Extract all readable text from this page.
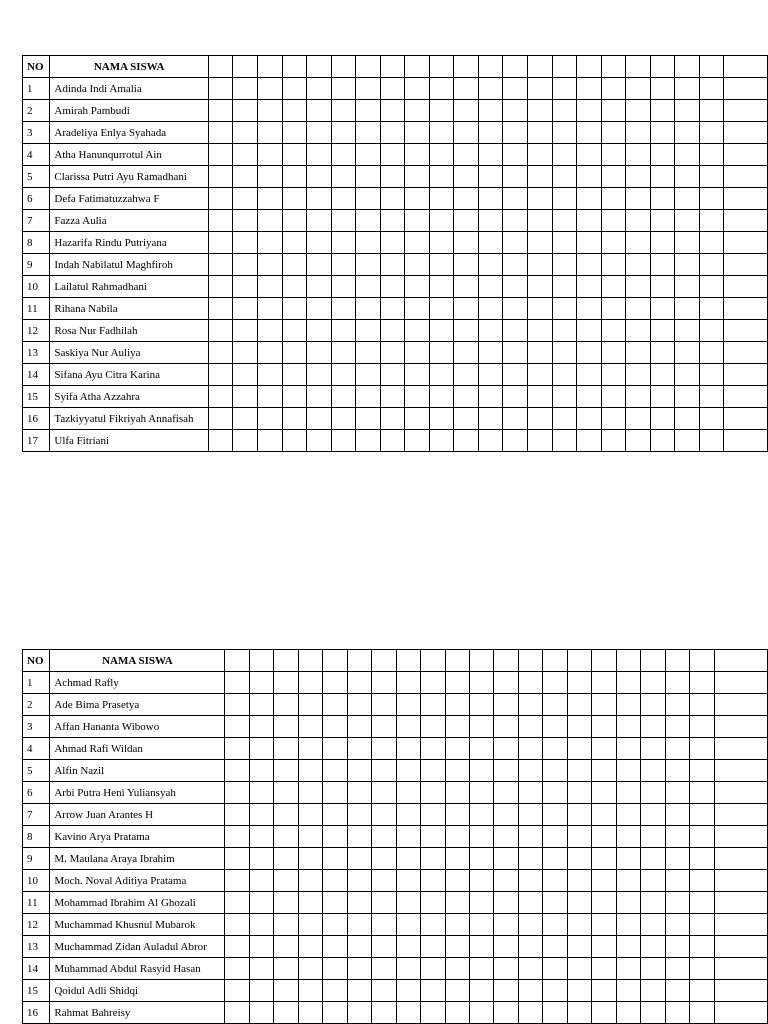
NO	NAMA SISWA																						
1	Adinda Indi Amalia																						
2	Amirah Pambudi																						
3	Aradeliya Enlya Syahada																						
4	Atha Hanunqurrotul Ain																						
5	Clarissa Putri Ayu Ramadhani																						
6	Defa Fatimatuzzahwa F																						
7	Fazza Aulia																						
8	Hazarifa Rindu Putriyana																						
9	Indah Nabilatul Maghfiroh																						
10	Lailatul Rahmadhani																						
11	Rihana Nabila																						
12	Rosa Nur Fadhilah																						
13	Saskiya Nur Auliya																						
14	Sifana Ayu Citra Karina																						
15	Syifa Atha Azzahra																						
16	Tazkiyyatul Fikriyah Annafisah																						
17	Ulfa Fitriani																						
NO	NAMA SISWA																					
1	Achmad Rafly																					
2	Ade Bima Prasetya																					
3	Affan Hananta Wibowo																					
4	Ahmad Rafi Wildan																					
5	Alfin Nazil																					
6	Arbi Putra Heni Yuliansyah																					
7	Arrow Juan Arantes H																					
8	Kavino Arya Pratama																					
9	M. Maulana Araya Ibrahim																					
10	Moch. Noval Aditiya Pratama																					
11	Mohammad Ibrahim Al Ghozali																					
12	Muchammad Khusnul Mubarok																					
13	Muchammad Zidan Auladul Abror																					
14	Muhammad Abdul Rasyid Hasan																					
15	Qoidul Adli Shidqi																					
16	Rahmat Bahreisy																					
